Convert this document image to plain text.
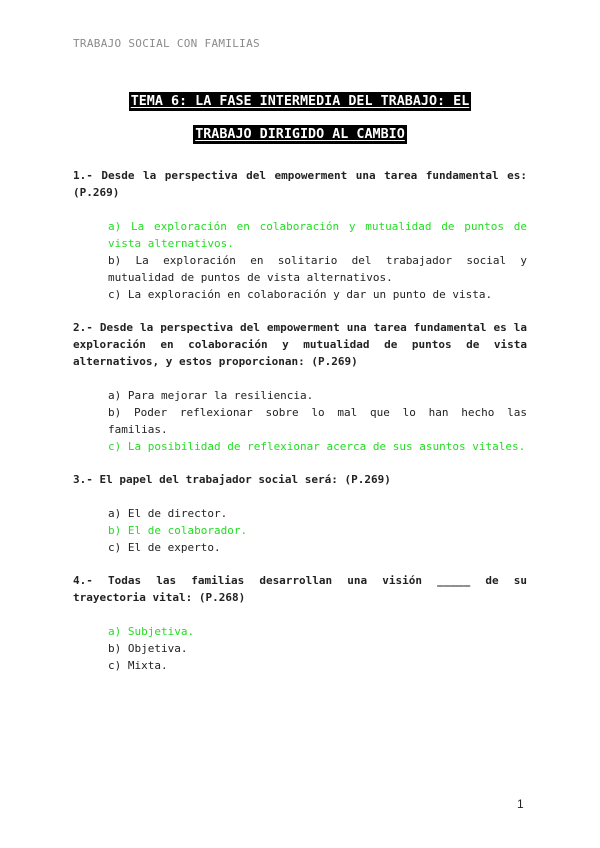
TRABAJO SOCIAL CON FAMILIAS
TEMA 6: LA FASE INTERMEDIA DEL TRABAJO: EL
TRABAJO DIRIGIDO AL CAMBIO

1.- Desde la perspectiva del empowerment una tarea fundamental es: (P.269)

a) La exploración en colaboración y mutualidad de puntos de vista alternativos.
b) La exploración en solitario del trabajador social y mutualidad de puntos de vista alternativos.
c) La exploración en colaboración y dar un punto de vista.

2.- Desde la perspectiva del empowerment una tarea fundamental es la exploración en colaboración y mutualidad de puntos de vista alternativos, y estos proporcionan: (P.269)

a) Para mejorar la resiliencia.
b) Poder reflexionar sobre lo mal que lo han hecho las familias.
c) La posibilidad de reflexionar acerca de sus asuntos vitales.

3.- El papel del trabajador social será: (P.269)

a) El de director.
b) El de colaborador.
c) El de experto.

4.- Todas las familias desarrollan una visión _____ de su trayectoria vital: (P.268)

a) Subjetiva.
b) Objetiva.
c) Mixta.
1
